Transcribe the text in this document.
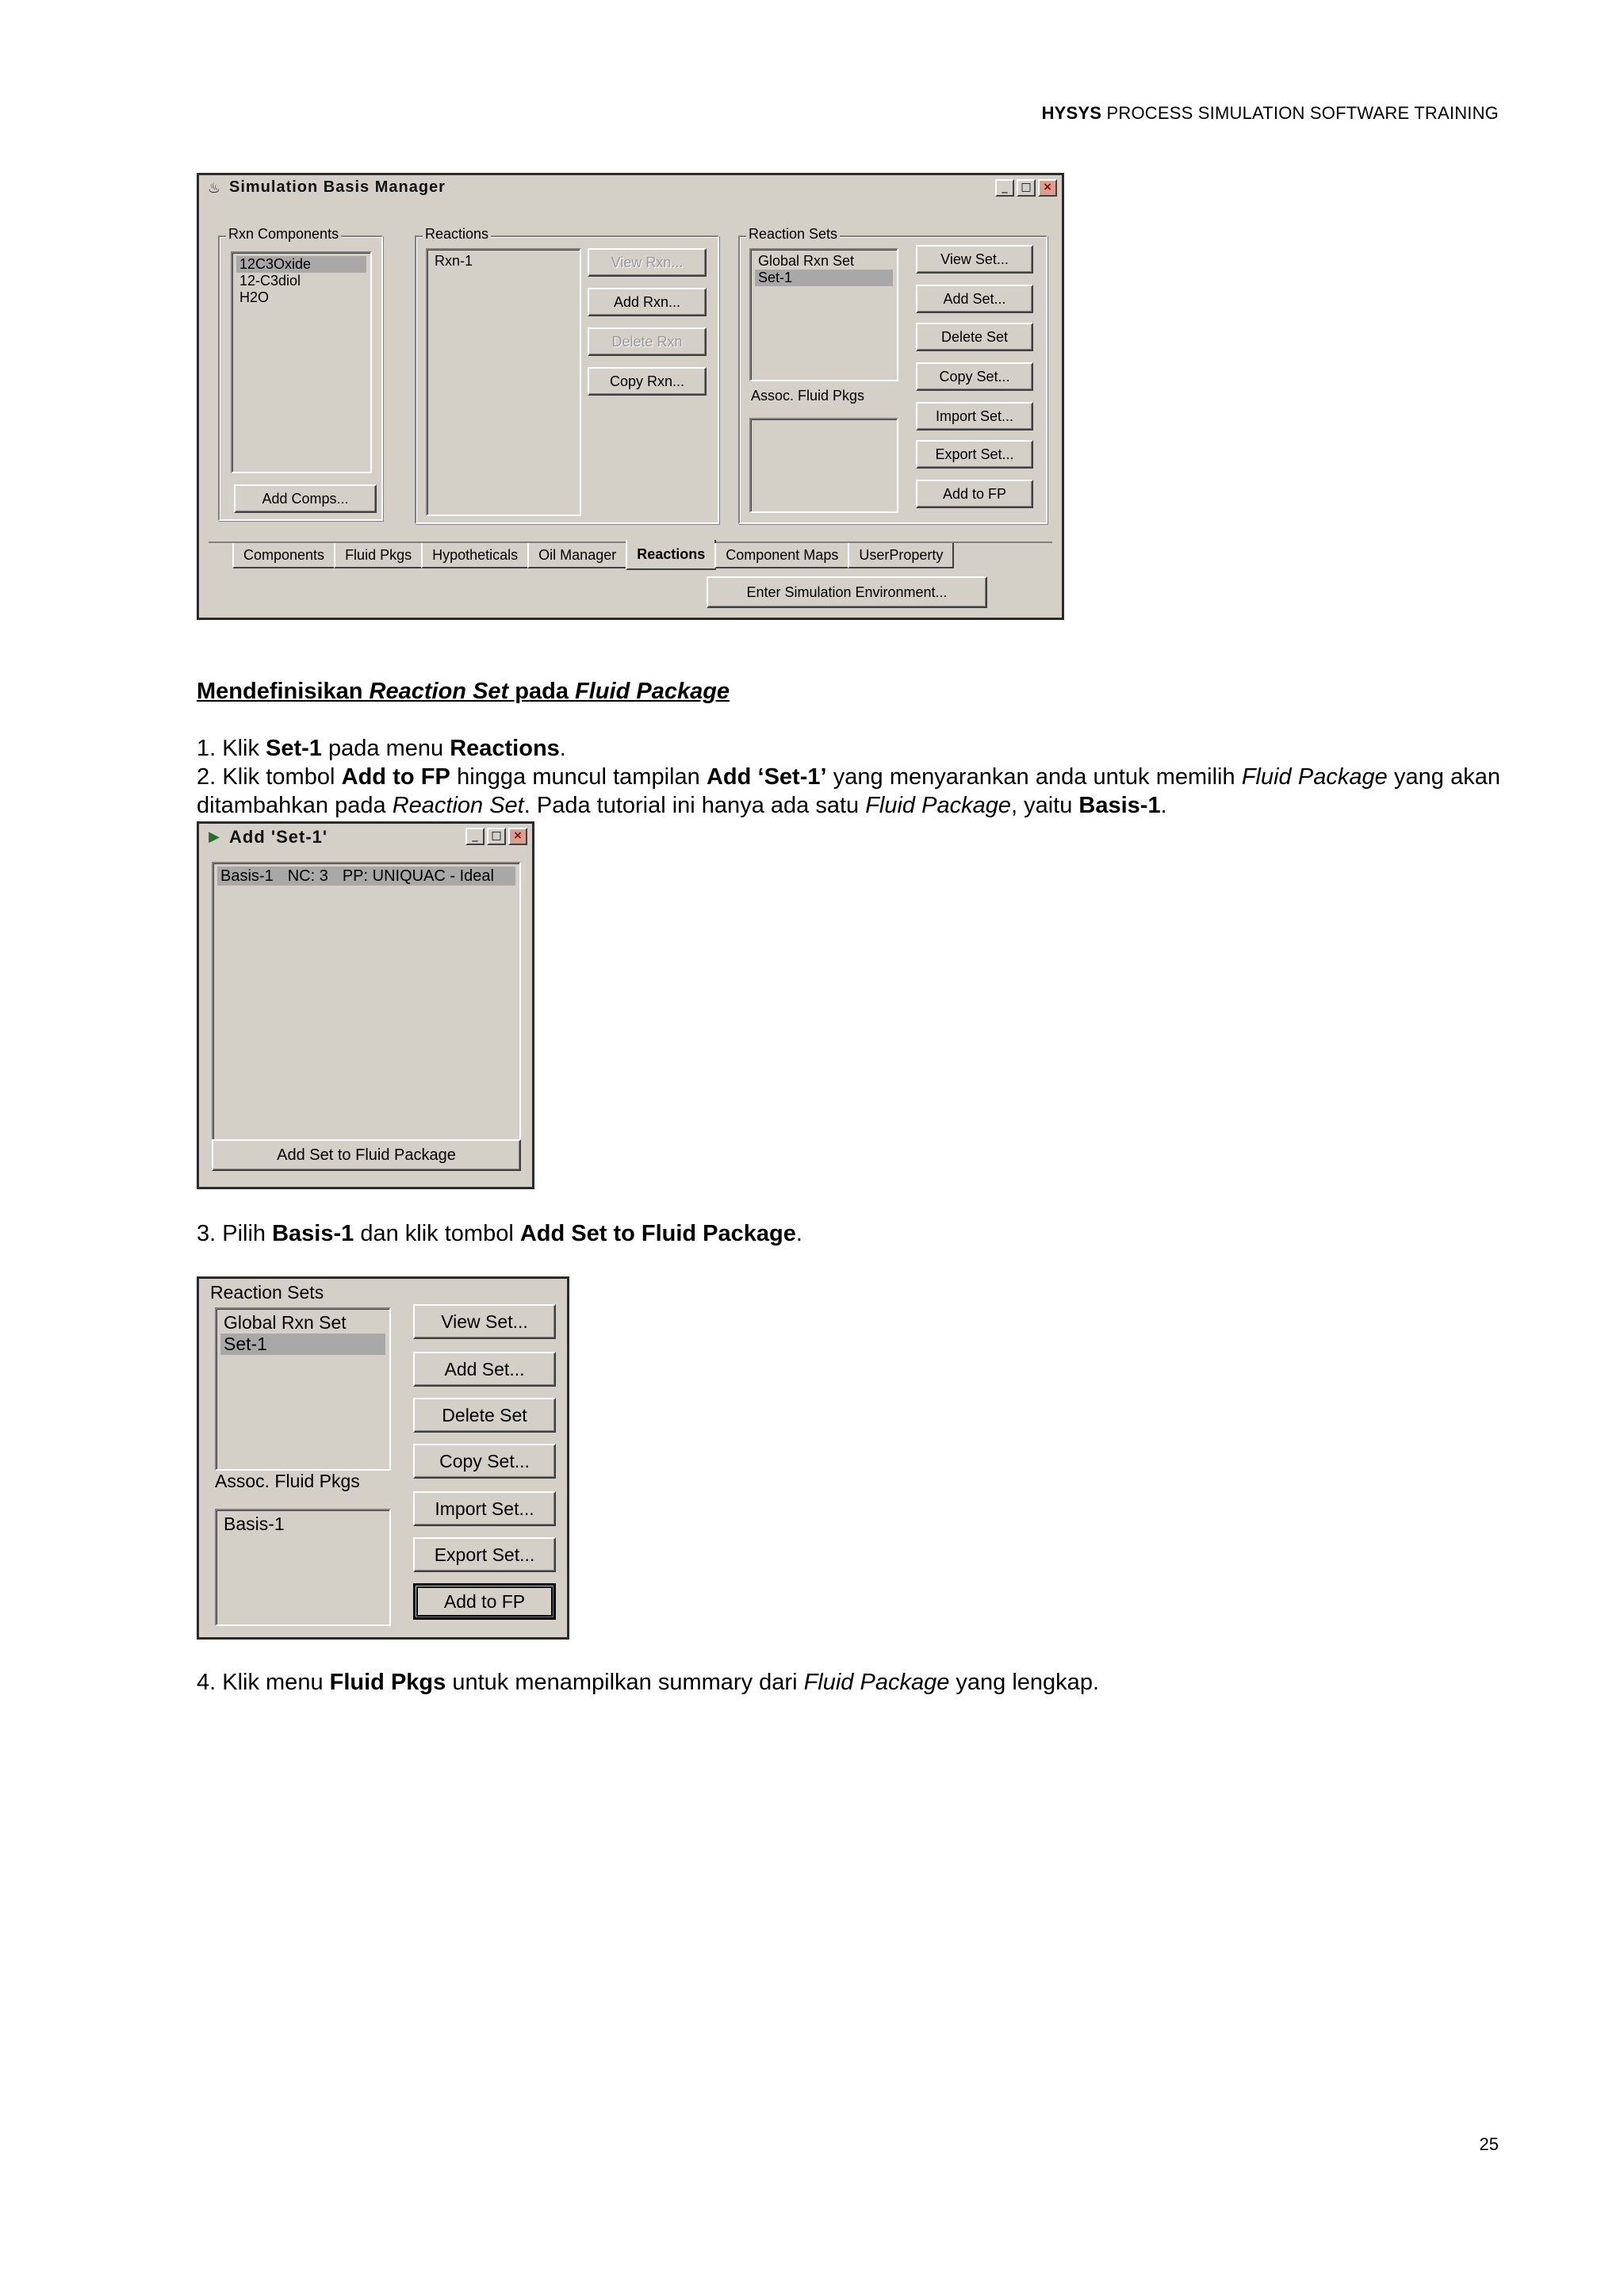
HYSYS PROCESS SIMULATION SOFTWARE TRAINING
♨ Simulation Basis Manager	_	□	×
Rxn Components
12C3Oxide
12-C3diol
H2O
Add Comps...
Reactions
Rxn-1	View Rxn...
Add Rxn...
Delete Rxn
Copy Rxn...
Reaction Sets
Global Rxn Set
Set-1
Assoc. Fluid Pkgs
View Set...
Add Set...
Delete Set
Copy Set...
Import Set...
Export Set...
Add to FP
Components	Fluid Pkgs	Hypotheticals	Oil Manager	Reactions	Component Maps	UserProperty
Enter Simulation Environment...
Mendefinisikan Reaction Set pada Fluid Package
1. Klik Set-1 pada menu Reactions.
2. Klik tombol Add to FP hingga muncul tampilan Add ‘Set-1’ yang menyarankan anda untuk memilih Fluid Package yang akan ditambahkan pada Reaction Set. Pada tutorial ini hanya ada satu Fluid Package, yaitu Basis-1.
▶ Add 'Set-1'	_	□	×
Basis-1 NC: 3 PP: UNIQUAC - Ideal
Add Set to Fluid Package
3. Pilih Basis-1 dan klik tombol Add Set to Fluid Package.
Reaction Sets
Global Rxn Set
Set-1
Assoc. Fluid Pkgs
Basis-1
View Set...
Add Set...
Delete Set
Copy Set...
Import Set...
Export Set...
Add to FP
4. Klik menu Fluid Pkgs untuk menampilkan summary dari Fluid Package yang lengkap.
25
